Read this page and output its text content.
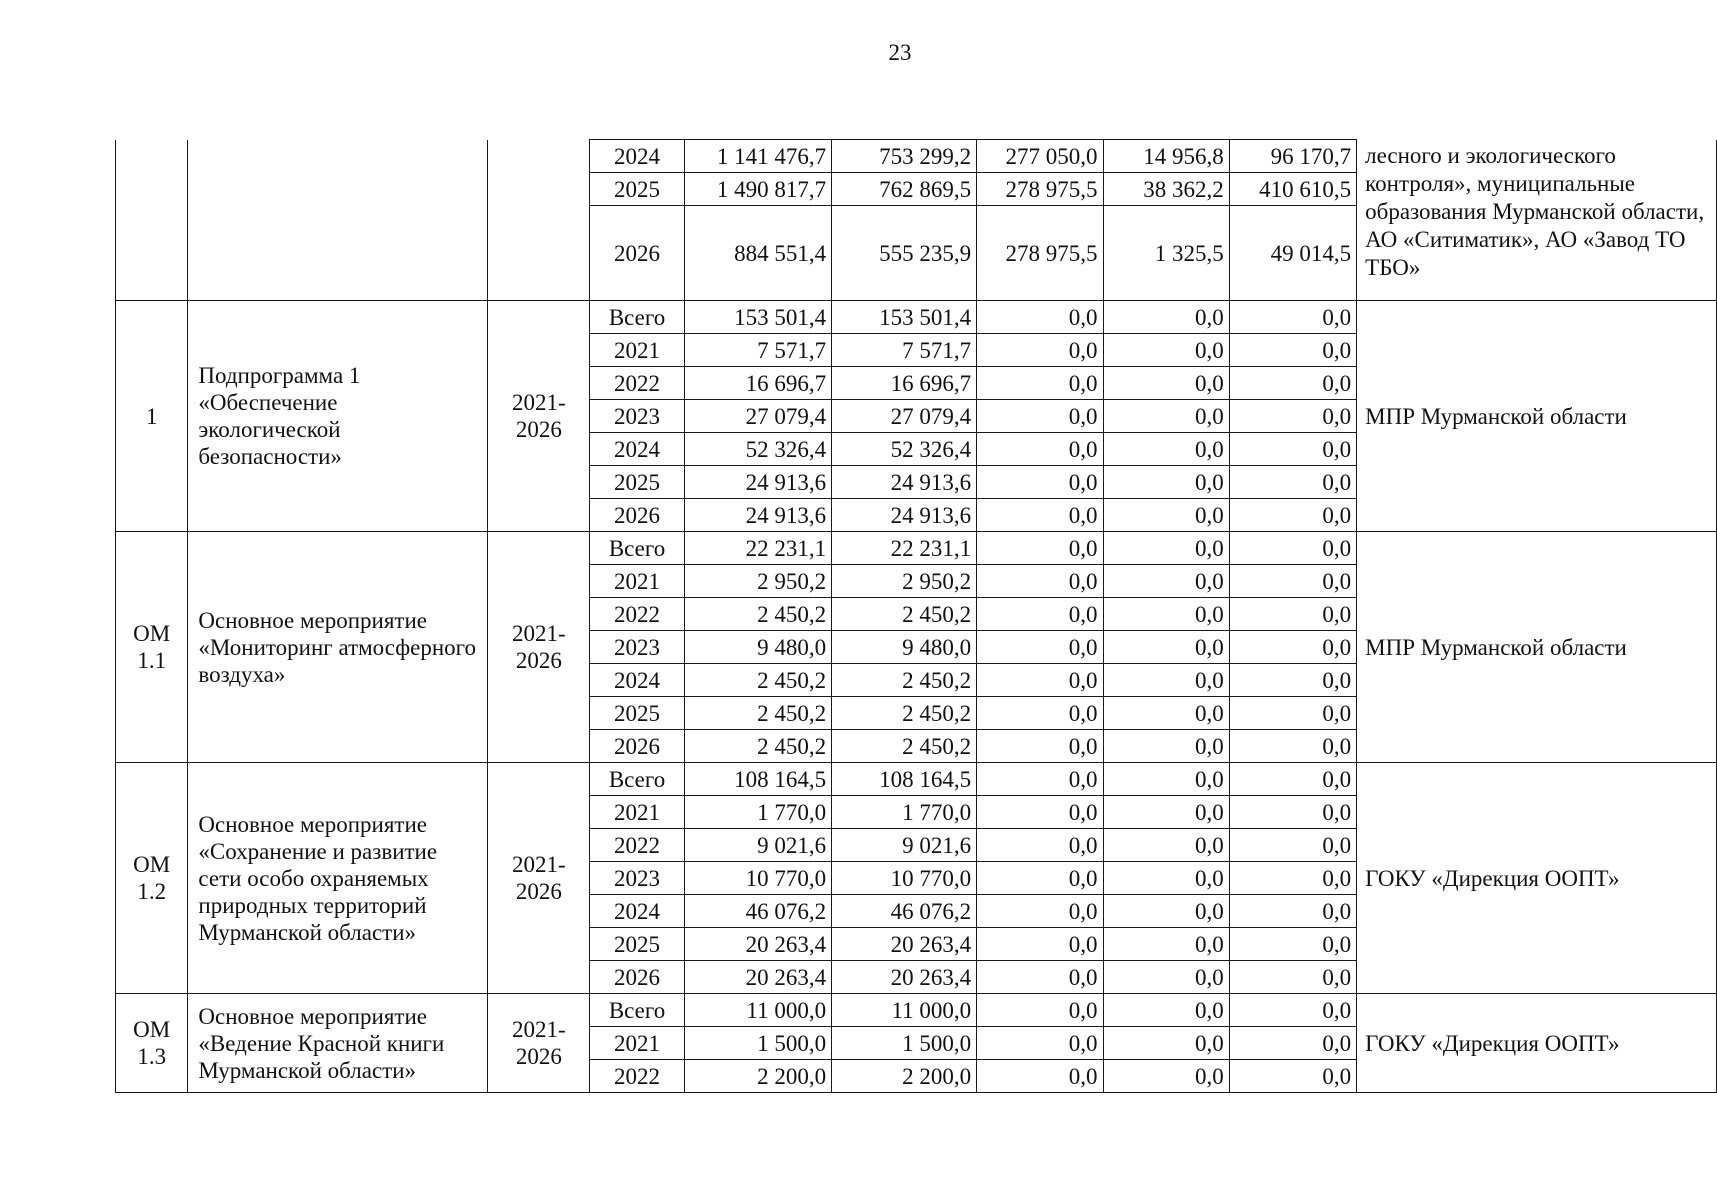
23
			2024	1 141 476,7	753 299,2	277 050,0	14 956,8	96 170,7	лесного и экологического контроля», муниципальные образования Мурманской области, АО «Ситиматик», АО «Завод ТО ТБО»
			2025	1 490 817,7	762 869,5	278 975,5	38 362,2	410 610,5	
			2026	884 551,4	555 235,9	278 975,5	1 325,5	49 014,5	
1	Подпрограмма 1 «Обеспечение экологической безопасности»	2021-2026	Всего	153 501,4	153 501,4	0,0	0,0	0,0	МПР Мурманской области
			2021	7 571,7	7 571,7	0,0	0,0	0,0	
			2022	16 696,7	16 696,7	0,0	0,0	0,0	
			2023	27 079,4	27 079,4	0,0	0,0	0,0	
			2024	52 326,4	52 326,4	0,0	0,0	0,0	
			2025	24 913,6	24 913,6	0,0	0,0	0,0	
			2026	24 913,6	24 913,6	0,0	0,0	0,0	
ОМ 1.1	Основное мероприятие «Мониторинг атмосферного воздуха»	2021-2026	Всего	22 231,1	22 231,1	0,0	0,0	0,0	МПР Мурманской области
			2021	2 950,2	2 950,2	0,0	0,0	0,0	
			2022	2 450,2	2 450,2	0,0	0,0	0,0	
			2023	9 480,0	9 480,0	0,0	0,0	0,0	
			2024	2 450,2	2 450,2	0,0	0,0	0,0	
			2025	2 450,2	2 450,2	0,0	0,0	0,0	
			2026	2 450,2	2 450,2	0,0	0,0	0,0	
ОМ 1.2	Основное мероприятие «Сохранение и развитие сети особо охраняемых природных территорий Мурманской области»	2021-2026	Всего	108 164,5	108 164,5	0,0	0,0	0,0	ГОКУ «Дирекция ООПТ»
			2021	1 770,0	1 770,0	0,0	0,0	0,0	
			2022	9 021,6	9 021,6	0,0	0,0	0,0	
			2023	10 770,0	10 770,0	0,0	0,0	0,0	
			2024	46 076,2	46 076,2	0,0	0,0	0,0	
			2025	20 263,4	20 263,4	0,0	0,0	0,0	
			2026	20 263,4	20 263,4	0,0	0,0	0,0	
ОМ 1.3	Основное мероприятие «Ведение Красной книги Мурманской области»	2021-2026	Всего	11 000,0	11 000,0	0,0	0,0	0,0	ГОКУ «Дирекция ООПТ»
			2021	1 500,0	1 500,0	0,0	0,0	0,0	
			2022	2 200,0	2 200,0	0,0	0,0	0,0	
